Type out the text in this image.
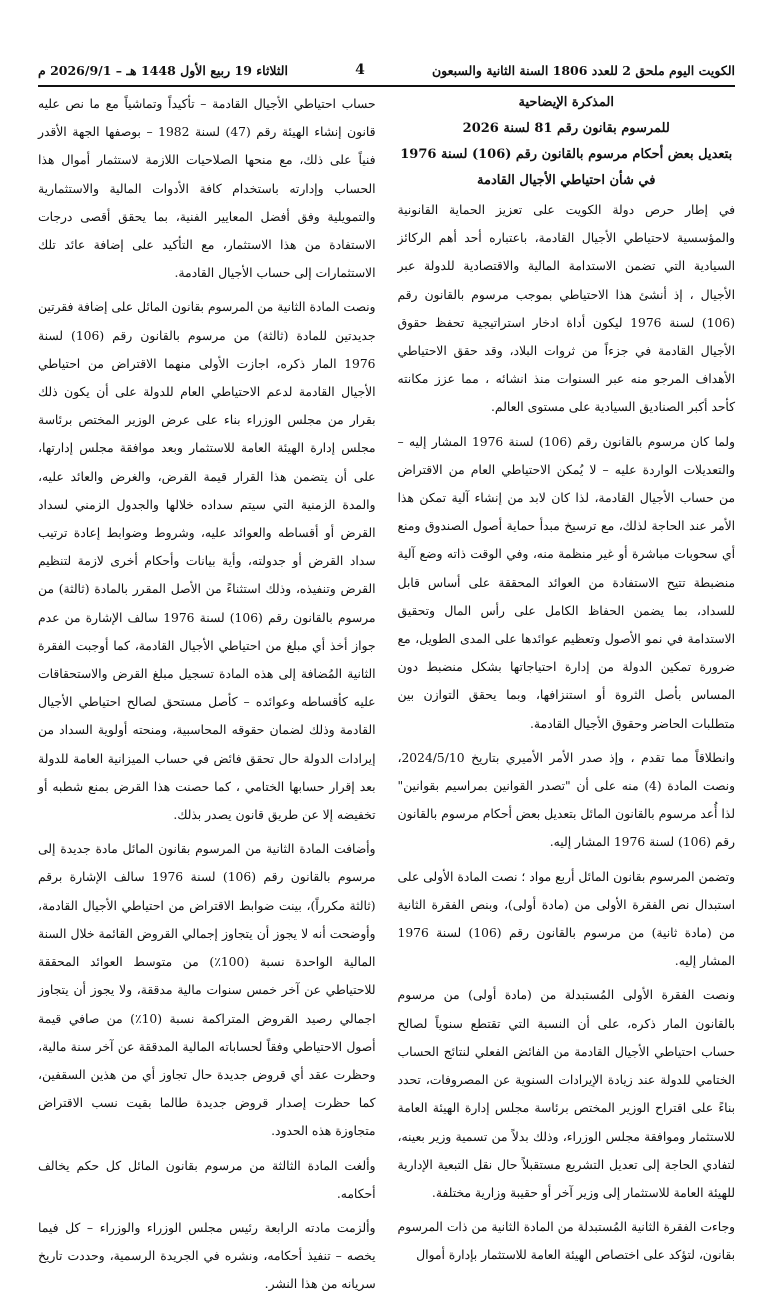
الكويت اليوم ملحق 2 للعدد 1806 السنة الثانية والسبعون
4
الثلاثاء 19 ربيع الأول 1448 هـ – 2026/9/1 م
المذكرة الإيضاحية
للمرسوم بقانون رقم 81 لسنة 2026
بتعديل بعض أحكام مرسوم بالقانون رقم (106) لسنة 1976
في شأن احتياطي الأجيال القادمة

في إطار حرص دولة الكويت على تعزيز الحماية القانونية والمؤسسية لاحتياطي الأجيال القادمة، باعتباره أحد أهم الركائز السيادية التي تضمن الاستدامة المالية والاقتصادية للدولة عبر الأجيال ، إذ أنشئ هذا الاحتياطي بموجب مرسوم بالقانون رقم (106) لسنة 1976 ليكون أداة ادخار استراتيجية تحفظ حقوق الأجيال القادمة في جزءاً من ثروات البلاد، وقد حقق الاحتياطي الأهداف المرجو منه عبر السنوات منذ انشائه ، مما عزز مكانته كأحد أكبر الصناديق السيادية على مستوى العالم.

ولما كان مرسوم بالقانون رقم (106) لسنة 1976 المشار إليه – والتعديلات الواردة عليه – لا يُمكن الاحتياطي العام من الاقتراض من حساب الأجيال القادمة، لذا كان لابد من إنشاء آلية تمكن هذا الأمر عند الحاجة لذلك، مع ترسيخ مبدأ حماية أصول الصندوق ومنع أي سحوبات مباشرة أو غير منظمة منه، وفي الوقت ذاته وضع آلية منضبطة تتيح الاستفادة من العوائد المحققة على أساس قابل للسداد، بما يضمن الحفاظ الكامل على رأس المال وتحقيق الاستدامة في نمو الأصول وتعظيم عوائدها على المدى الطويل، مع ضرورة تمكين الدولة من إدارة احتياجاتها بشكل منضبط دون المساس بأصل الثروة أو استنزافها، وبما يحقق التوازن بين متطلبات الحاضر وحقوق الأجيال القادمة.

وانطلاقاً مما تقدم ، وإذ صدر الأمر الأميري بتاريخ 2024/5/10، ونصت المادة (4) منه على أن "تصدر القوانين بمراسيم بقوانين" لذا أُعد مرسوم بالقانون المائل بتعديل بعض أحكام مرسوم بالقانون رقم (106) لسنة 1976 المشار إليه.

وتضمن المرسوم بقانون المائل أربع مواد ؛ نصت المادة الأولى على استبدال نص الفقرة الأولى من (مادة أولى)، وبنص الفقرة الثانية من (مادة ثانية) من مرسوم بالقانون رقم (106) لسنة 1976 المشار إليه.

ونصت الفقرة الأولى المُستبدلة من (مادة أولى) من مرسوم بالقانون المار ذكره، على أن النسبة التي تقتطع سنوياً لصالح حساب احتياطي الأجيال القادمة من الفائض الفعلي لنتائج الحساب الختامي للدولة عند زيادة الإيرادات السنوية عن المصروفات، تحدد بناءً على اقتراح الوزير المختص برئاسة مجلس إدارة الهيئة العامة للاستثمار وموافقة مجلس الوزراء، وذلك بدلاً من تسمية وزير بعينه، لتفادي الحاجة إلى تعديل التشريع مستقبلاً حال نقل التبعية الإدارية للهيئة العامة للاستثمار إلى وزير آخر أو حقيبة وزارية مختلفة.

وجاءت الفقرة الثانية المُستبدلة من المادة الثانية من ذات المرسوم بقانون، لتؤكد على اختصاص الهيئة العامة للاستثمار بإدارة أموال

حساب احتياطي الأجيال القادمة – تأكيداً وتماشياً مع ما نص عليه قانون إنشاء الهيئة رقم (47) لسنة 1982 – بوصفها الجهة الأقدر فنياً على ذلك، مع منحها الصلاحيات اللازمة لاستثمار أموال هذا الحساب وإدارته باستخدام كافة الأدوات المالية والاستثمارية والتمويلية وفق أفضل المعايير الفنية، بما يحقق أقصى درجات الاستفادة من هذا الاستثمار، مع التأكيد على إضافة عائد تلك الاستثمارات إلى حساب الأجيال القادمة.

ونصت المادة الثانية من المرسوم بقانون المائل على إضافة فقرتين جديدتين للمادة (ثالثة) من مرسوم بالقانون رقم (106) لسنة 1976 المار ذكره، اجازت الأولى منهما الاقتراض من احتياطي الأجيال القادمة لدعم الاحتياطي العام للدولة على أن يكون ذلك بقرار من مجلس الوزراء بناء على عرض الوزير المختص برئاسة مجلس إدارة الهيئة العامة للاستثمار وبعد موافقة مجلس إدارتها، على أن يتضمن هذا القرار قيمة القرض، والغرض والعائد عليه، والمدة الزمنية التي سيتم سداده خلالها والجدول الزمني لسداد القرض أو أقساطه والعوائد عليه، وشروط وضوابط إعادة ترتيب سداد القرض أو جدولته، وأية بيانات وأحكام أخرى لازمة لتنظيم القرض وتنفيذه، وذلك استثناءً من الأصل المقرر بالمادة (ثالثة) من مرسوم بالقانون رقم (106) لسنة 1976 سالف الإشارة من عدم جواز أخذ أي مبلغ من احتياطي الأجيال القادمة، كما أوجبت الفقرة الثانية المُضافة إلى هذه المادة تسجيل مبلغ القرض والاستحقاقات عليه كأقساطه وعوائده – كأصل مستحق لصالح احتياطي الأجيال القادمة وذلك لضمان حقوقه المحاسبية، ومنحته أولوية السداد من إيرادات الدولة حال تحقق فائض في حساب الميزانية العامة للدولة بعد إقرار حسابها الختامي ، كما حصنت هذا القرض بمنع شطبه أو تخفيضه إلا عن طريق قانون يصدر بذلك.

وأضافت المادة الثانية من المرسوم بقانون المائل مادة جديدة إلى مرسوم بالقانون رقم (106) لسنة 1976 سالف الإشارة برقم (ثالثة مكرراً)، بينت ضوابط الاقتراض من احتياطي الأجيال القادمة، وأوضحت أنه لا يجوز أن يتجاوز إجمالي القروض القائمة خلال السنة المالية الواحدة نسبة (100٪) من متوسط العوائد المحققة للاحتياطي عن آخر خمس سنوات مالية مدققة، ولا يجوز أن يتجاوز اجمالي رصيد القروض المتراكمة نسبة (10٪) من صافي قيمة أصول الاحتياطي وفقاً لحساباته المالية المدققة عن آخر سنة مالية، وحظرت عقد أي قروض جديدة حال تجاوز أي من هذين السقفين، كما حظرت إصدار قروض جديدة طالما بقيت نسب الاقتراض متجاوزة هذه الحدود.

وألغت المادة الثالثة من مرسوم بقانون المائل كل حكم يخالف أحكامه.

وألزمت مادته الرابعة رئيس مجلس الوزراء والوزراء – كل فيما يخصه – تنفيذ أحكامه، ونشره في الجريدة الرسمية، وحددت تاريخ سريانه من هذا النشر.
